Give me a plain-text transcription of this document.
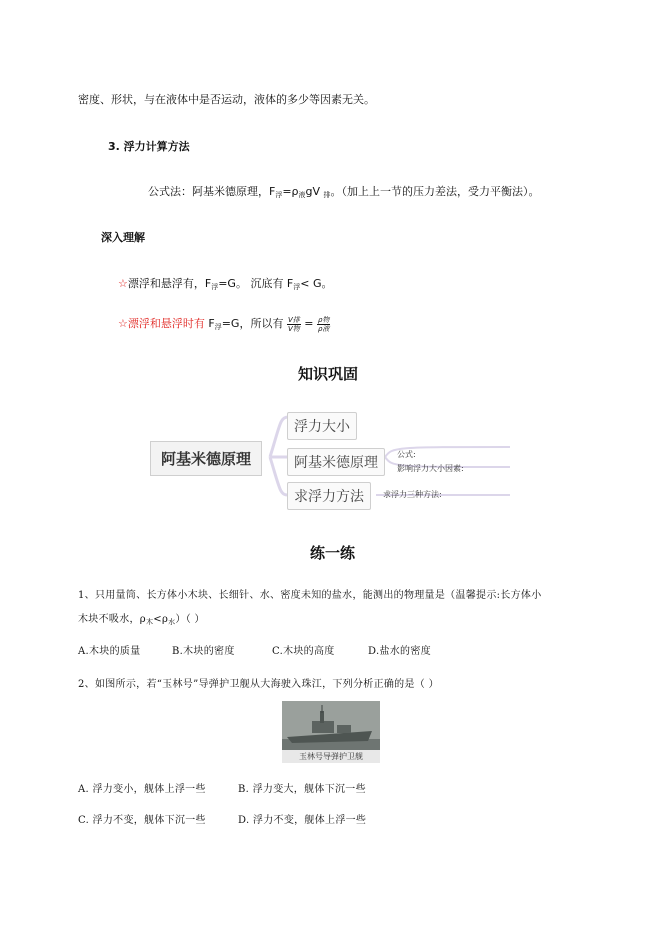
密度、形状，与在液体中是否运动，液体的多少等因素无关。
3. 浮力计算方法
公式法：阿基米德原理，$F_浮=\rho_液gV$ $_排$。（加上上一节的压力差法，受力平衡法）。
深入理解
☆漂浮和悬浮有，$F_浮=G$。 沉底有 $F_浮< G$。
☆漂浮和悬浮时有 $F_浮=G$，所以有 $\frac{\text{V排}}{\text{V物}} = \frac{\text{ρ物}}{\text{ρ液}}$
知识巩固
阿基米德原理
浮力大小
阿基米德原理
求浮力方法
公式:
影响浮力大小因素:
求浮力三种方法:
练一练
1、只用量筒、长方体小木块、长细针、水、密度未知的盐水，能测出的物理量是（温馨提示:长方体小
木块不吸水，$\rho_木<\rho_水$）（ ）
A.木块的质量	B.木块的密度	C.木块的高度	D.盐水的密度
2、如图所示，若“玉林号”导弹护卫舰从大海驶入珠江，下列分析正确的是（ ）
玉林号导弹护卫舰
A. 浮力变小，舰体上浮一些	B. 浮力变大，舰体下沉一些
C. 浮力不变，舰体下沉一些	D. 浮力不变，舰体上浮一些
